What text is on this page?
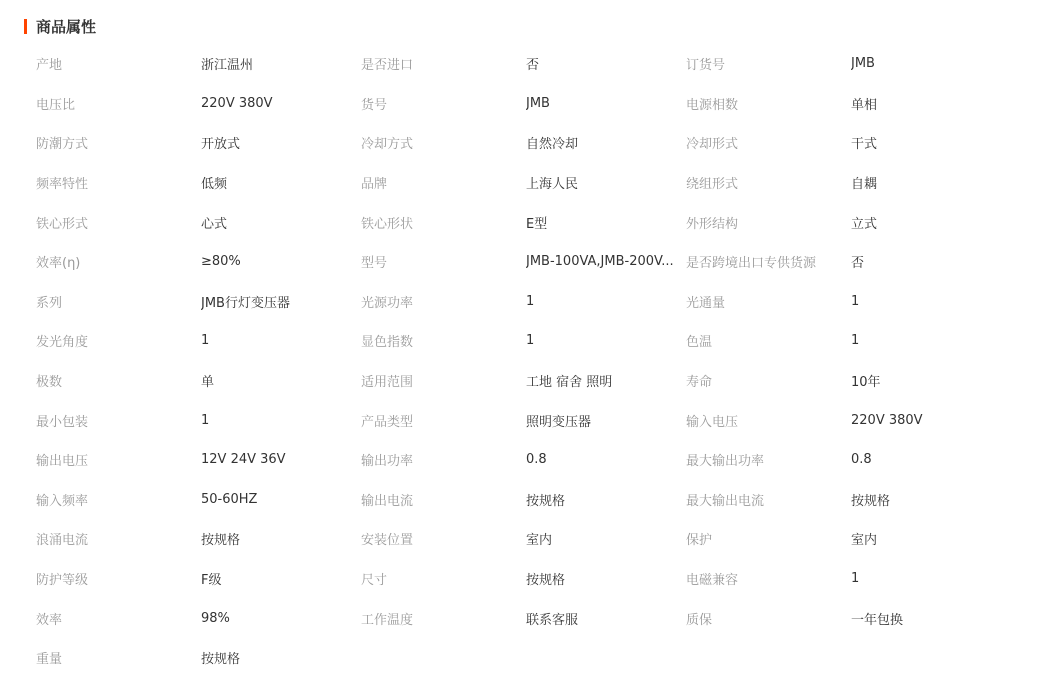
商品属性
产地	浙江温州	是否进口	否	订货号	JMB
电压比	220V 380V	货号	JMB	电源相数	单相
防潮方式	开放式	冷却方式	自然冷却	冷却形式	干式
频率特性	低频	品牌	上海人民	绕组形式	自耦
铁心形式	心式	铁心形状	E型	外形结构	立式
效率(η)	≥80%	型号	JMB-100VA,JMB-200V... 是否跨境出口专供货源	否
系列	JMB行灯变压器	光源功率	1	光通量	1
发光角度	1	显色指数	1	色温	1
极数	单	适用范围	工地 宿舍 照明	寿命	10年
最小包装	1	产品类型	照明变压器	输入电压	220V 380V
输出电压	12V 24V 36V	输出功率	0.8	最大输出功率	0.8
输入频率	50-60HZ	输出电流	按规格	最大输出电流	按规格
浪涌电流	按规格	安装位置	室内	保护	室内
防护等级	F级	尺寸	按规格	电磁兼容	1
效率	98%	工作温度	联系客服	质保	一年包换
重量	按规格
